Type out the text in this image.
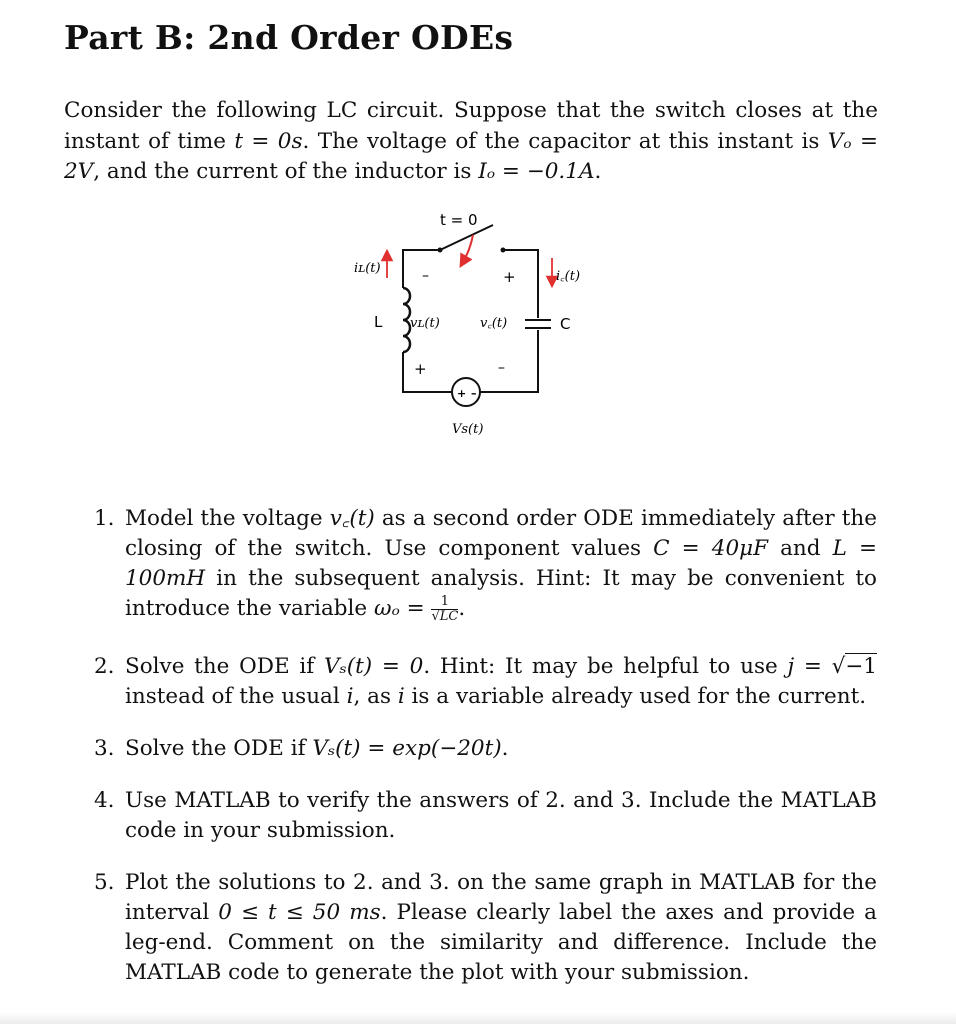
Part B: 2nd Order ODEs

Consider the following LC circuit. Suppose that the switch closes at the instant of time t = 0s. The voltage of the capacitor at this instant is Vₒ = 2V, and the current of the inductor is Iₒ = −0.1A.

+ –
t = 0
iʟ(t)
i꜀(t)
–	+
L	C
vʟ(t)	v꜀(t)
+	–
Vs(t)
1. Model the voltage v꜀(t) as a second order ODE immediately after the closing of the switch. Use component values C = 40μF and L = 100mH in the subsequent analysis. Hint: It may be convenient to introduce the variable $\omega_o = \frac{1}{√LC}$ .
2. Solve the ODE if Vₛ(t) = 0. Hint: It may be helpful to use j = √−1 instead of the usual i, as i is a variable already used for the current.
3. Solve the ODE if Vₛ(t) = exp(−20t).
4. Use MATLAB to verify the answers of 2. and 3. Include the MATLAB code in your submission.
5. Plot the solutions to 2. and 3. on the same graph in MATLAB for the interval 0 ≤ t ≤ 50 ms. Please clearly label the axes and provide a leg-end. Comment on the similarity and difference. Include the MATLAB code to generate the plot with your submission.
